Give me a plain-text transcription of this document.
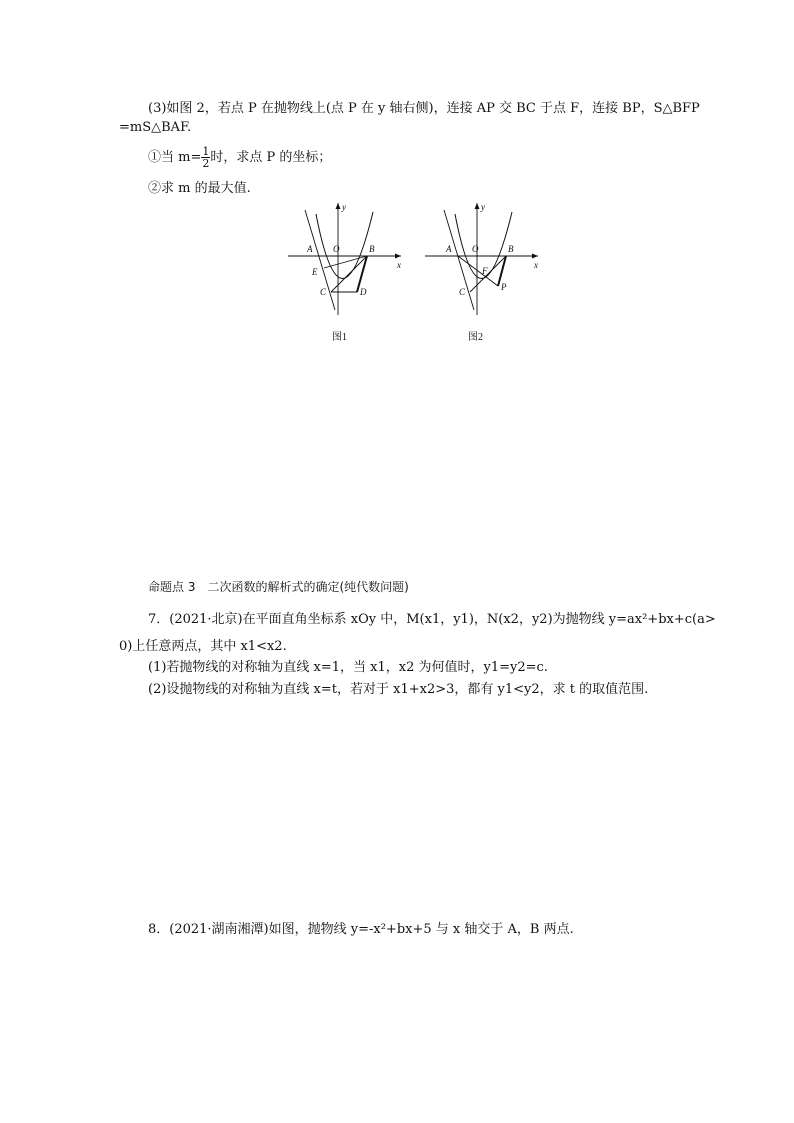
(3)如图 2，若点 P 在抛物线上(点 P 在 y 轴右侧)，连接 AP 交 BC 于点 F，连接 BP，S△BFP
=mS△BAF.
①当 $m= \frac{1}{2}$ 时，求点 P 的坐标；
②求 m 的最大值.
y
x
A O	B
E
C	D
图1
y
x
A O	B
F
C	P
图2
命题点 3　二次函数的解析式的确定(纯代数问题)
7．(2021·北京)在平面直角坐标系 xOy 中，M(x1，y1)，N(x2，y2)为抛物线 y=ax²+bx+c(a>
0)上任意两点，其中 x1<x2.
(1)若抛物线的对称轴为直线 x=1，当 x1，x2 为何值时，y1=y2=c.
(2)设抛物线的对称轴为直线 x=t，若对于 x1+x2>3，都有 y1<y2，求 t 的取值范围.
8．(2021·湖南湘潭)如图，抛物线 y=-x²+bx+5 与 x 轴交于 A，B 两点.
